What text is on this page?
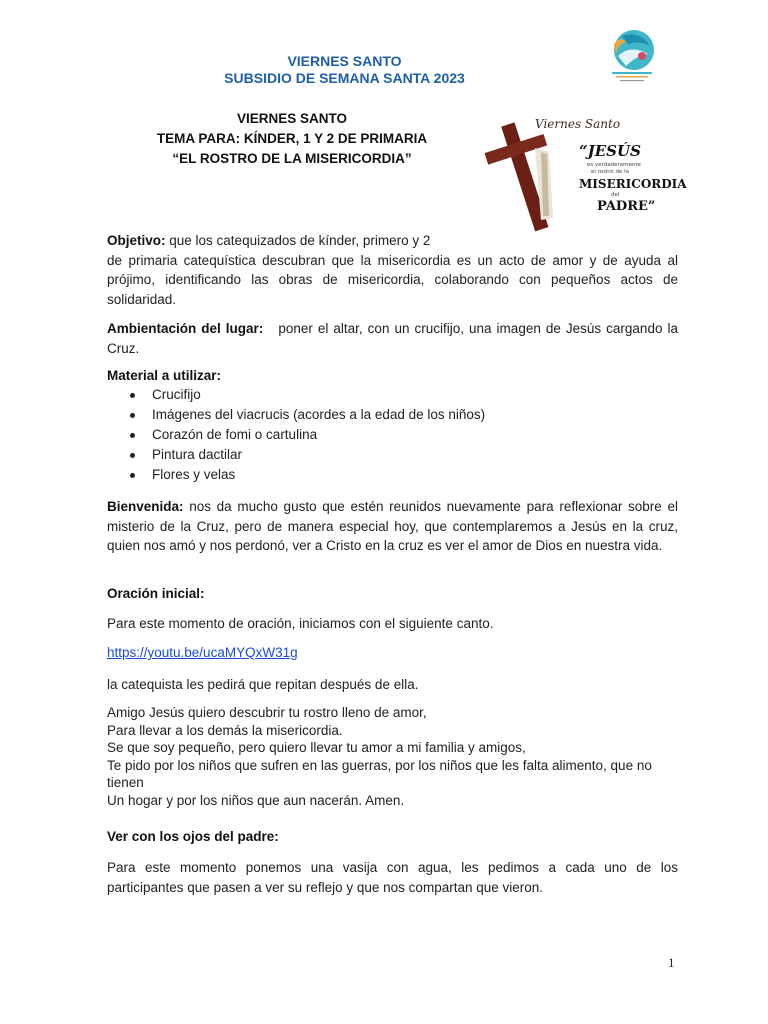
VIERNES SANTO
SUBSIDIO DE SEMANA SANTA 2023
VIERNES SANTO
TEMA PARA: KÍNDER, 1 Y 2 DE PRIMARIA
“EL ROSTRO DE LA MISERICORDIA”
Viernes Santo
“JESÚS
es verdaderamente
el rostro de la
MISERICORDIA
del
PADRE”
Objetivo: que los catequizados de kínder, primero y 2
de primaria catequística descubran que la misericordia es un acto de amor y de ayuda al prójimo, identificando las obras de misericordia, colaborando con pequeños actos de solidaridad.
Ambientación del lugar:   poner el altar, con un crucifijo, una imagen de Jesús cargando la Cruz.
Material a utilizar:
Crucifijo
Imágenes del viacrucis (acordes a la edad de los niños)
Corazón de fomi o cartulina
Pintura dactilar
Flores y velas
Bienvenida: nos da mucho gusto que estén reunidos nuevamente para reflexionar sobre el misterio de la Cruz, pero de manera especial hoy, que contemplaremos a Jesús en la cruz, quien nos amó y nos perdonó, ver a Cristo en la cruz es ver el amor de Dios en nuestra vida.
Oración inicial:
Para este momento de oración, iniciamos con el siguiente canto.
https://youtu.be/ucaMYQxW31g
la catequista les pedirá que repitan después de ella.
Amigo Jesús quiero descubrir tu rostro lleno de amor,
Para llevar a los demás la misericordia.
Se que soy pequeño, pero quiero llevar tu amor a mi familia y amigos,
Te pido por los niños que sufren en las guerras, por los niños que les falta alimento, que no tienen
Un hogar y por los niños que aun nacerán. Amen.
Ver con los ojos del padre:
Para este momento ponemos una vasija con agua, les pedimos a cada uno de los participantes que pasen a ver su reflejo y que nos compartan que vieron.
1
